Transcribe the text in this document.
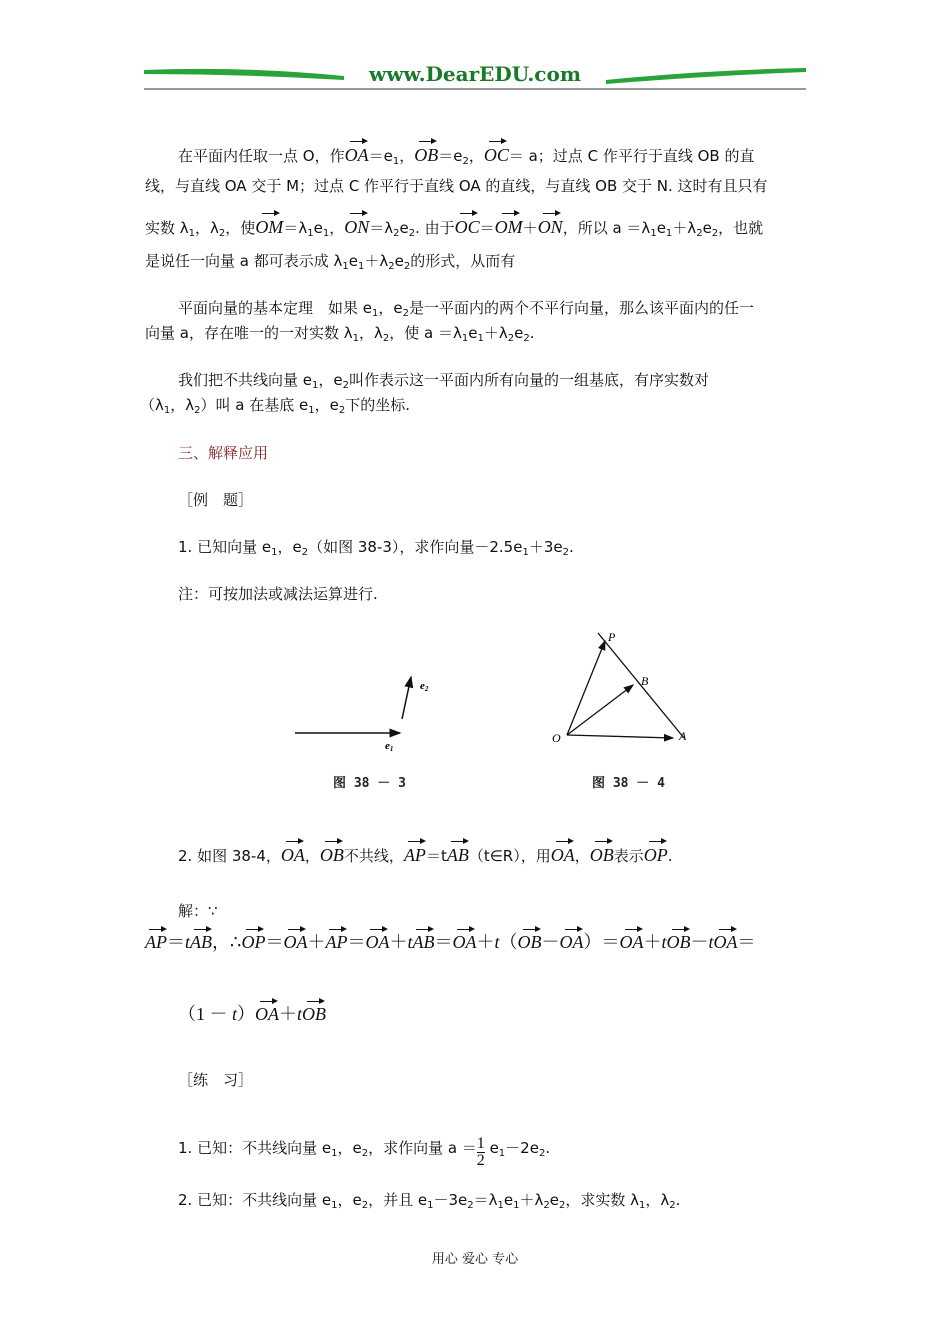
www.DearEDU.com
在平面内任取一点 O，作$OA=e_1$，$OB=e_2$，OC＝ a；过点 C 作平行于直线 OB 的直
线，与直线 OA 交于 M；过点 C 作平行于直线 OA 的直线，与直线 OB 交于 N. 这时有且只有
实数 $\lambda_1$，$\lambda_2$，使$OM=\lambda_1e_1$，$ON=\lambda_2e_2$. 由于OC＝OM＋ON，所以 $a =\lambda_1e_1+\lambda_2e_2$，也就
是说任一向量 a 都可表示成 $\lambda_1e_1+\lambda_2e_2$的形式，从而有
平面向量的基本定理　如果 $e_1$，$e_2$是一平面内的两个不平行向量，那么该平面内的任一
向量 a，存在唯一的一对实数 $\lambda_1$，$\lambda_2$，使 $a =\lambda_1e_1+\lambda_2e_2$.
我们把不共线向量 $e_1$，$e_2$叫作表示这一平面内所有向量的一组基底，有序实数对
（$\lambda_1$，$\lambda_2$）叫 a 在基底 $e_1$，$e_2$下的坐标.
三、解释应用
［例　题］
1. 已知向量 $e_1$，$e_2$（如图 38-3），求作向量$-2.5e_1+3e_2$.
注：可按加法或减法运算进行.
e1
e2
图 38 － 3
P
B
O	A
图 38 － 4
2. 如图 38-4，OA，OB不共线，AP＝tAB（t∈R），用OA，OB表示OP.
解：∵
AP＝tAB，∴OP＝OA＋AP＝OA＋tAB＝OA＋t（OB－OA）＝OA＋tOB－tOA＝
（1 － t）OA＋tOB
［练　习］
1. 已知：不共线向量 $e_1$，$e_2$，求作向量 $a = \frac{1}{2} e_1-2e_2$.
2. 已知：不共线向量 $e_1$，$e_2$，并且 $e_1-3e_2=\lambda_1e_1+\lambda_2e_2$，求实数 $\lambda_1$，$\lambda_2$.
用心 爱心 专心
